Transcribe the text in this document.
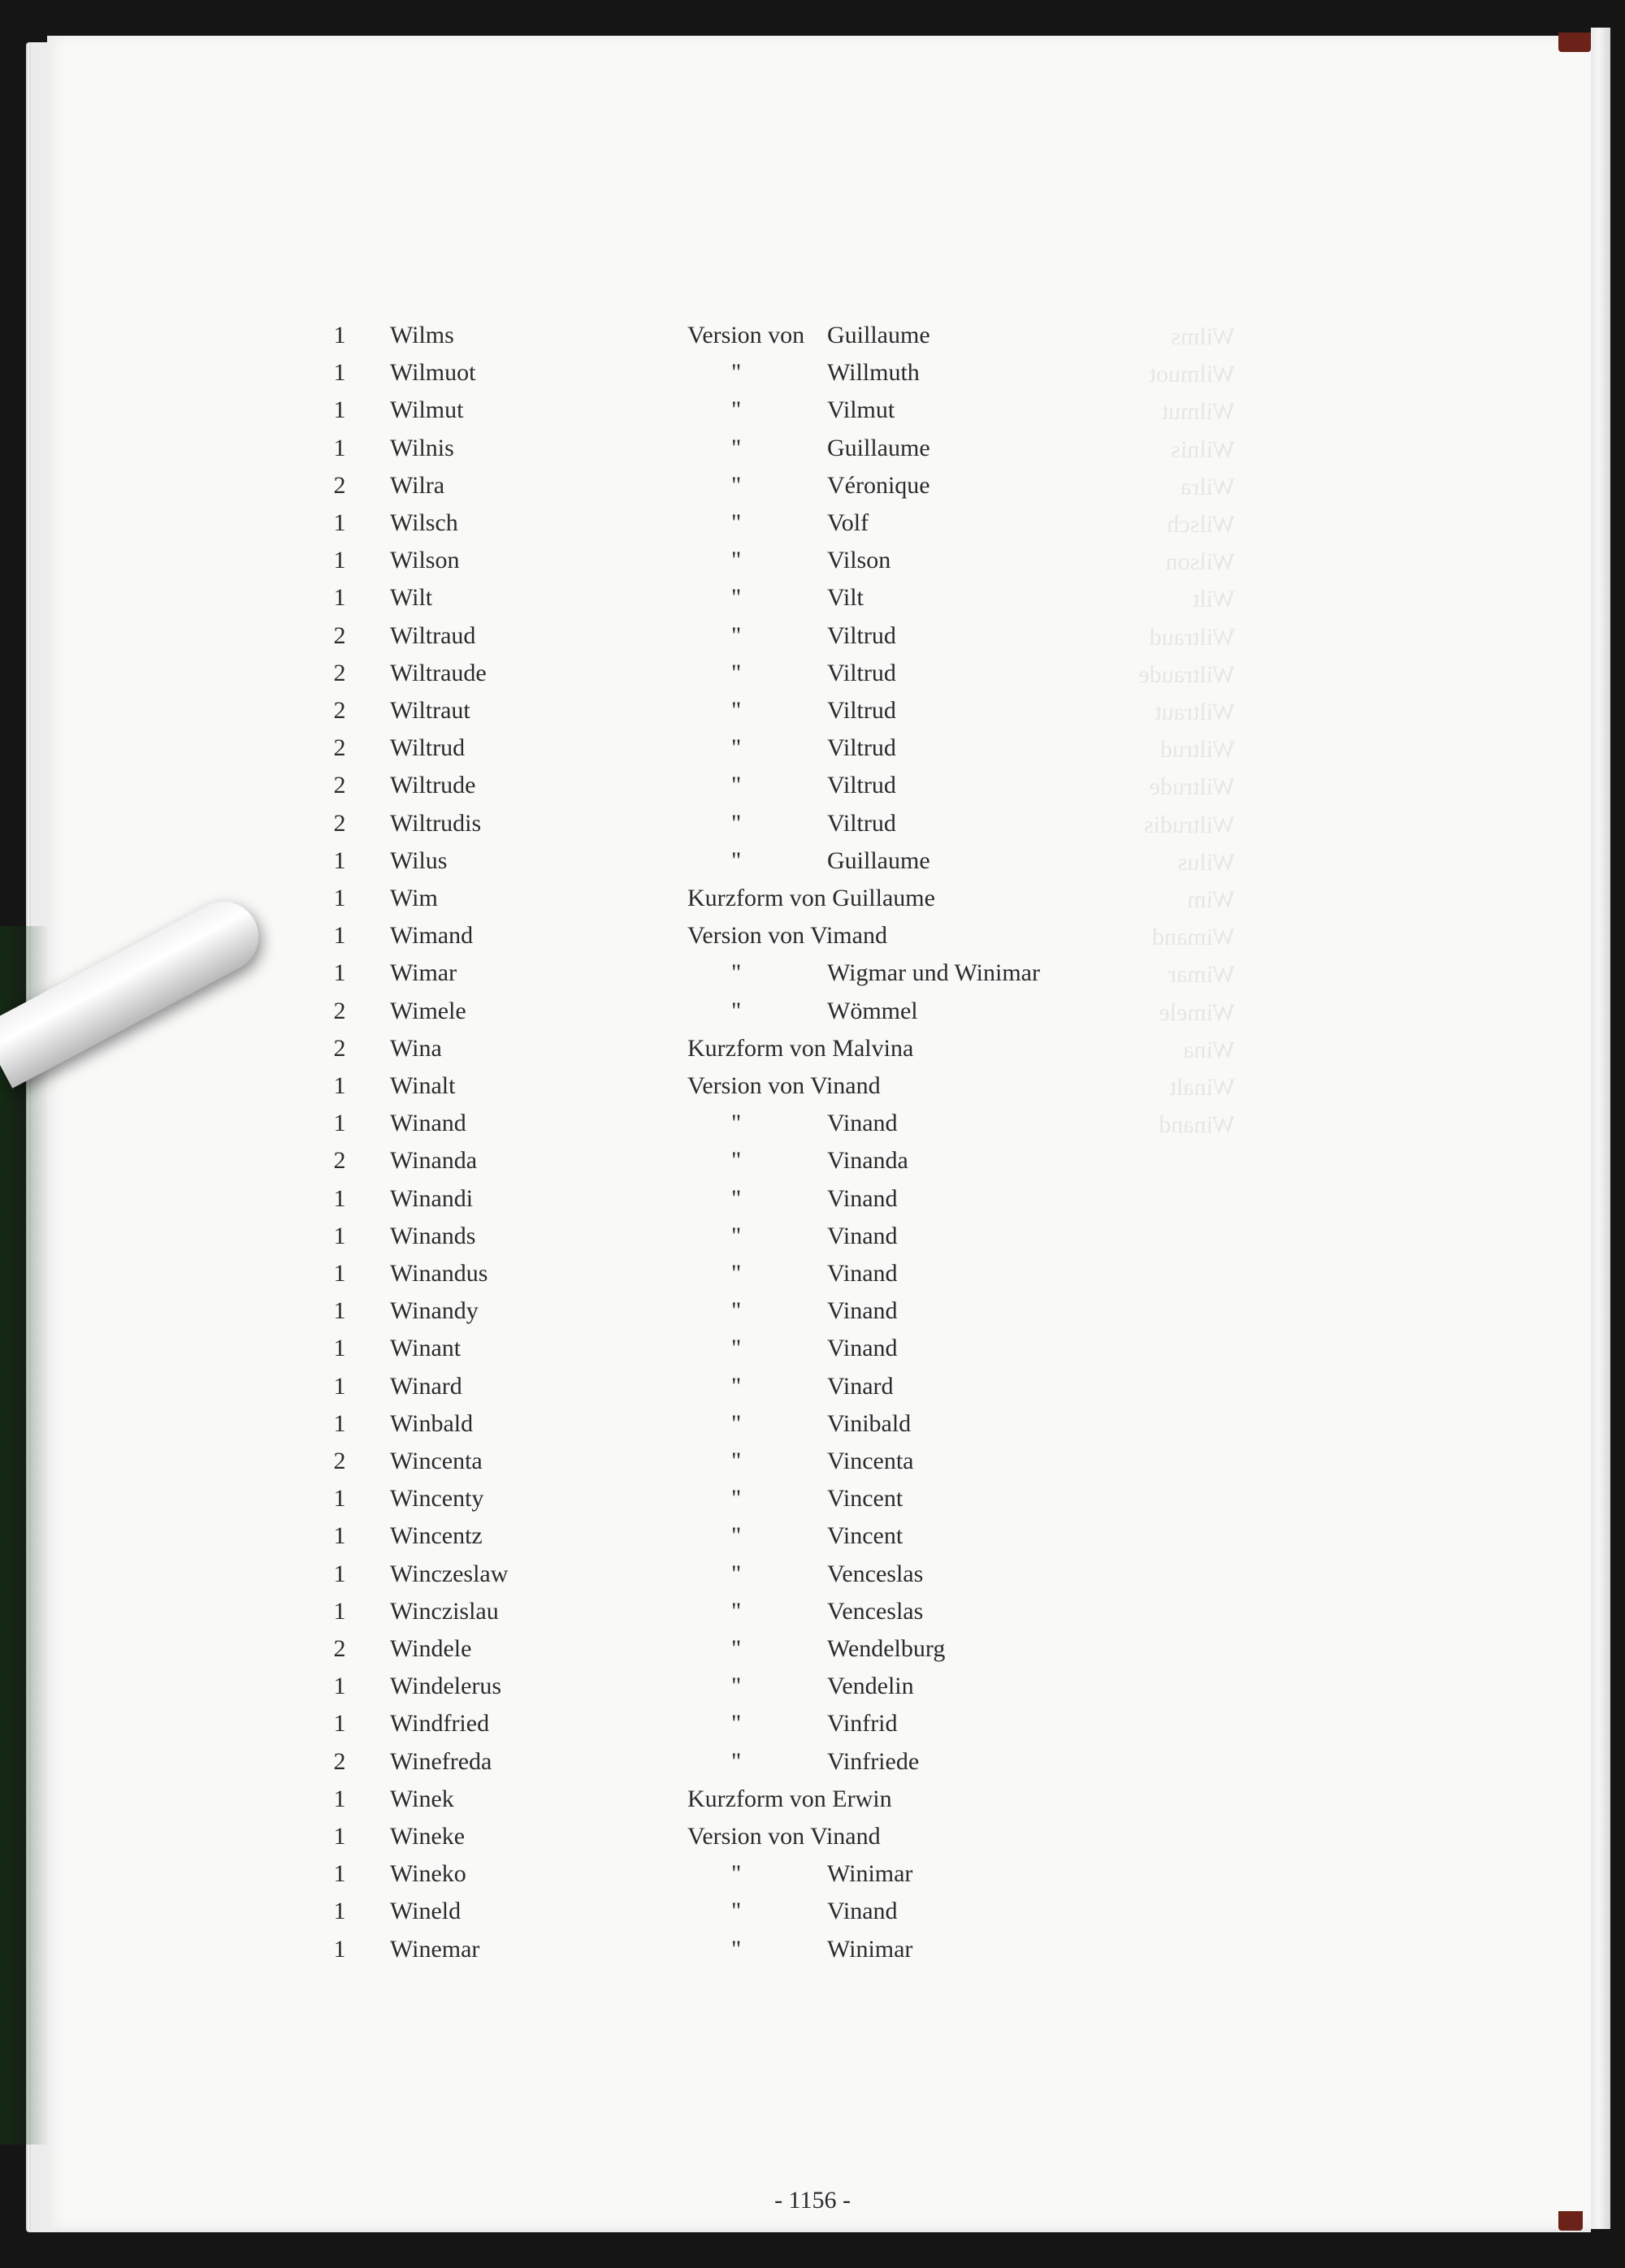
1	Wilms	Version von Guillaume
1	Wilmuot	"	Willmuth
1	Wilmut	"	Vilmut
1	Wilnis	"	Guillaume
2	Wilra	"	Véronique
1	Wilsch	"	Volf
1	Wilson	"	Vilson
1	Wilt	"	Vilt
2	Wiltraud	"	Viltrud
2	Wiltraude	"	Viltrud
2	Wiltraut	"	Viltrud
2	Wiltrud	"	Viltrud
2	Wiltrude	"	Viltrud
2	Wiltrudis	"	Viltrud
1	Wilus	"	Guillaume
1	Wim	Kurzform von Guillaume
1	Wimand	Version von Vimand
1	Wimar	"	Wigmar und Winimar
2	Wimele	"	Wömmel
2	Wina	Kurzform von Malvina
1	Winalt	Version von Vinand
1	Winand	"	Vinand
2	Winanda	"	Vinanda
1	Winandi	"	Vinand
1	Winands	"	Vinand
1	Winandus	"	Vinand
1	Winandy	"	Vinand
1	Winant	"	Vinand
1	Winard	"	Vinard
1	Winbald	"	Vinibald
2	Wincenta	"	Vincenta
1	Wincenty	"	Vincent
1	Wincentz	"	Vincent
1	Winczeslaw	"	Venceslas
1	Winczislau	"	Venceslas
2	Windele	"	Wendelburg
1	Windelerus	"	Vendelin
1	Windfried	"	Vinfrid
2	Winefreda	"	Vinfriede
1	Winek	Kurzform von Erwin
1	Wineke	Version von Vinand
1	Wineko	"	Winimar
1	Wineld	"	Vinand
1	Winemar	"	Winimar
- 1156 -
